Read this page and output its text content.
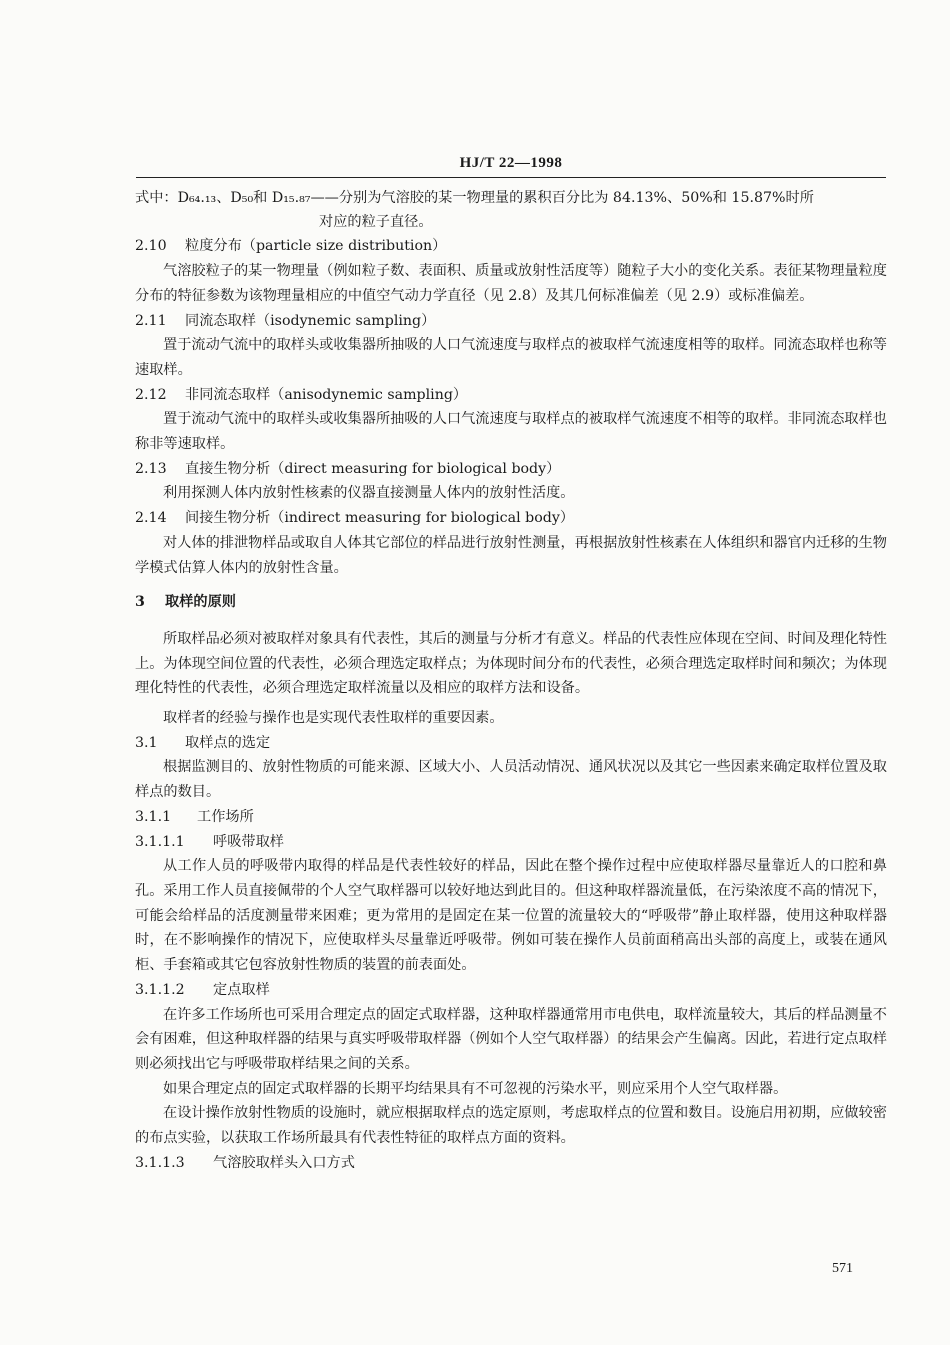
HJ/T 22—1998

式中：D₆₄.₁₃、D₅₀和 D₁₅.₈₇——分别为气溶胶的某一物理量的累积百分比为 84.13%、50%和 15.87%时所

对应的粒子直径。

2.10 粒度分布（particle size distribution）

气溶胶粒子的某一物理量（例如粒子数、表面积、质量或放射性活度等）随粒子大小的变化关系。表征某物理量粒度分布的特征参数为该物理量相应的中值空气动力学直径（见 2.8）及其几何标准偏差（见 2.9）或标准偏差。

2.11 同流态取样（isodynemic sampling）

置于流动气流中的取样头或收集器所抽吸的人口气流速度与取样点的被取样气流速度相等的取样。同流态取样也称等速取样。

2.12 非同流态取样（anisodynemic sampling）

置于流动气流中的取样头或收集器所抽吸的人口气流速度与取样点的被取样气流速度不相等的取样。非同流态取样也称非等速取样。

2.13 直接生物分析（direct measuring for biological body）

利用探测人体内放射性核素的仪器直接测量人体内的放射性活度。

2.14 间接生物分析（indirect measuring for biological body）

对人体的排泄物样品或取自人体其它部位的样品进行放射性测量，再根据放射性核素在人体组织和器官内迁移的生物学模式估算人体内的放射性含量。

3 取样的原则

所取样品必须对被取样对象具有代表性，其后的测量与分析才有意义。样品的代表性应体现在空间、时间及理化特性上。为体现空间位置的代表性，必须合理选定取样点；为体现时间分布的代表性，必须合理选定取样时间和频次；为体现理化特性的代表性，必须合理选定取样流量以及相应的取样方法和设备。

取样者的经验与操作也是实现代表性取样的重要因素。

3.1 取样点的选定

根据监测目的、放射性物质的可能来源、区域大小、人员活动情况、通风状况以及其它一些因素来确定取样位置及取样点的数目。

3.1.1 工作场所

3.1.1.1 呼吸带取样

从工作人员的呼吸带内取得的样品是代表性较好的样品，因此在整个操作过程中应使取样器尽量靠近人的口腔和鼻孔。采用工作人员直接佩带的个人空气取样器可以较好地达到此目的。但这种取样器流量低，在污染浓度不高的情况下，可能会给样品的活度测量带来困难；更为常用的是固定在某一位置的流量较大的“呼吸带”静止取样器，使用这种取样器时，在不影响操作的情况下，应使取样头尽量靠近呼吸带。例如可装在操作人员前面稍高出头部的高度上，或装在通风柜、手套箱或其它包容放射性物质的装置的前表面处。

3.1.1.2 定点取样

在许多工作场所也可采用合理定点的固定式取样器，这种取样器通常用市电供电，取样流量较大，其后的样品测量不会有困难，但这种取样器的结果与真实呼吸带取样器（例如个人空气取样器）的结果会产生偏离。因此，若进行定点取样则必须找出它与呼吸带取样结果之间的关系。

如果合理定点的固定式取样器的长期平均结果具有不可忽视的污染水平，则应采用个人空气取样器。

在设计操作放射性物质的设施时，就应根据取样点的选定原则，考虑取样点的位置和数目。设施启用初期，应做较密的布点实验，以获取工作场所最具有代表性特征的取样点方面的资料。

3.1.1.3 气溶胶取样头入口方式

571
